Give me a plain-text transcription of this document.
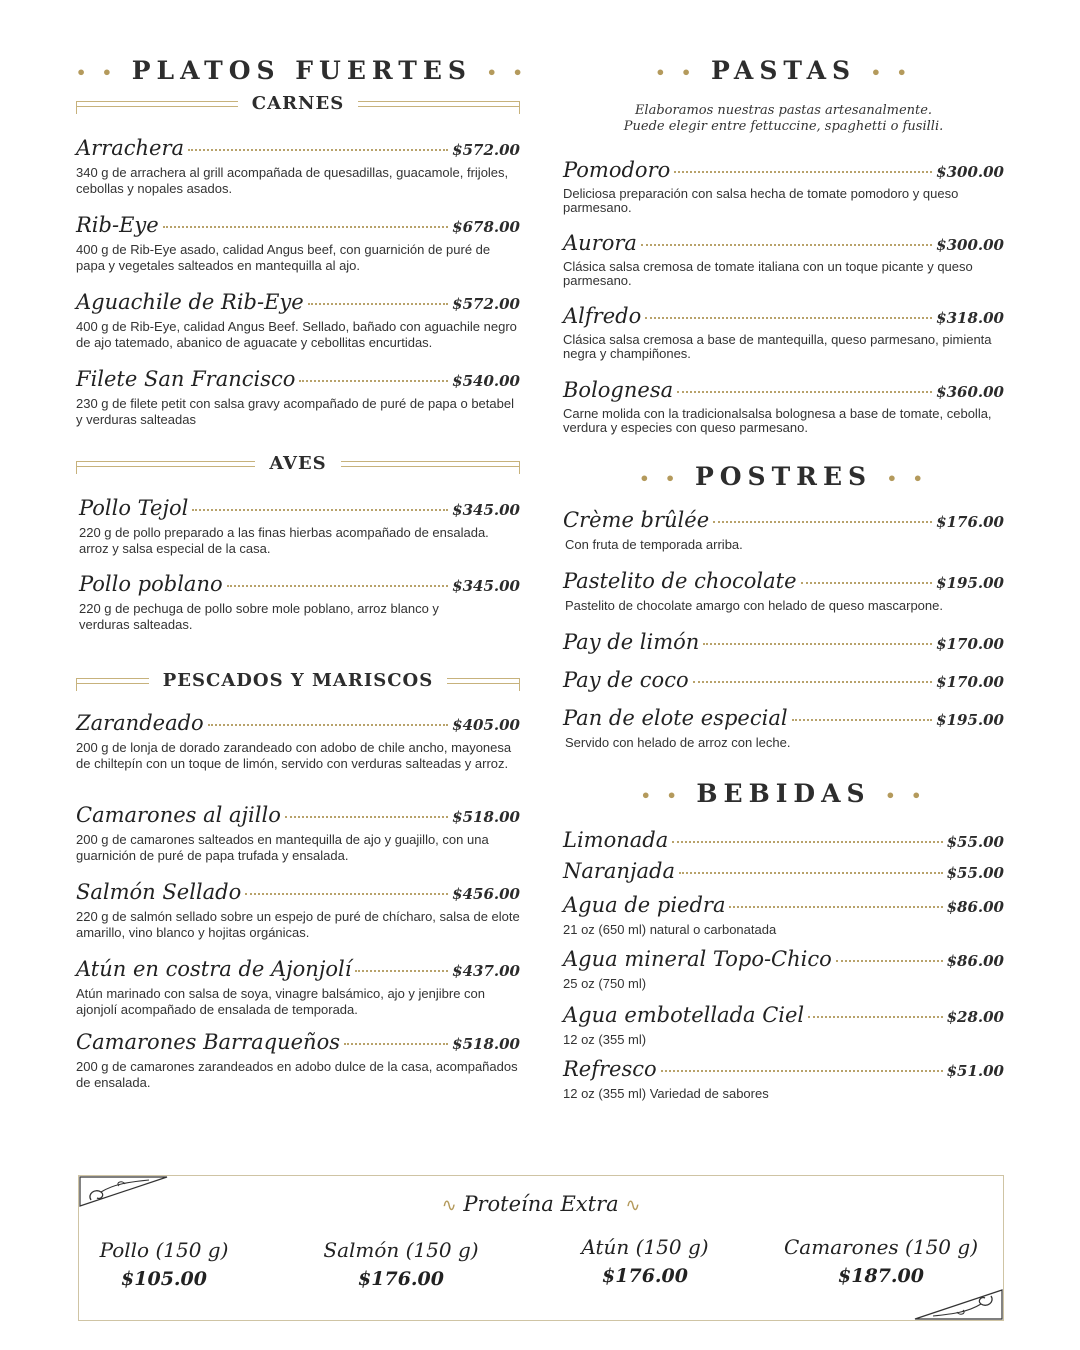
• • PLATOS FUERTES • •
CARNES
Arrachera	$572.00
340 g de arrachera al grill acompañada de quesadillas, guacamole, frijoles, cebollas y nopales asados.
Rib-Eye	$678.00
400 g de Rib-Eye asado, calidad Angus beef, con guarnición de puré de papa y vegetales salteados en mantequilla al ajo.
Aguachile de Rib-Eye	$572.00
400 g de Rib-Eye, calidad Angus Beef. Sellado, bañado con aguachile negro de ajo tatemado, abanico de aguacate y cebollitas encurtidas.
Filete San Francisco	$540.00
230 g de filete petit con salsa gravy acompañado de puré de papa o betabel y verduras salteadas
AVES
Pollo Tejol	$345.00
220 g de pollo preparado a las finas hierbas acompañado de ensalada. arroz y salsa especial de la casa.
Pollo poblano	$345.00
220 g de pechuga de pollo sobre mole poblano, arroz blanco y verduras salteadas.
PESCADOS Y MARISCOS
Zarandeado	$405.00
200 g de lonja de dorado zarandeado con adobo de chile ancho, mayonesa de chiltepín con un toque de limón, servido con verduras salteadas y arroz.
Camarones al ajillo	$518.00
200 g de camarones salteados en mantequilla de ajo y guajillo, con una guarnición de puré de papa trufada y ensalada.
Salmón Sellado	$456.00
220 g de salmón sellado sobre un espejo de puré de chícharo, salsa de elote amarillo, vino blanco y hojitas orgánicas.
Atún en costra de Ajonjolí	$437.00
Atún marinado con salsa de soya, vinagre balsámico, ajo y jenjibre con ajonjolí acompañado de ensalada de temporada.
Camarones Barraqueños	$518.00
200 g de camarones zarandeados en adobo dulce de la casa, acompañados de ensalada.
• • PASTAS • •
Elaboramos nuestras pastas artesanalmente.
Puede elegir entre fettuccine, spaghetti o fusilli.
Pomodoro	$300.00
Deliciosa preparación con salsa hecha de tomate pomodoro y queso parmesano.
Aurora	$300.00
Clásica salsa cremosa de tomate italiana con un toque picante y queso parmesano.
Alfredo	$318.00
Clásica salsa cremosa a base de mantequilla, queso parmesano, pimienta negra y champiñones.
Bolognesa	$360.00
Carne molida con la tradicionalsalsa bolognesa a base de tomate, cebolla, verdura y especies con queso parmesano.
• • POSTRES • •
Crème brûlée	$176.00
Con fruta de temporada arriba.
Pastelito de chocolate	$195.00
Pastelito de chocolate amargo con helado de queso mascarpone.
Pay de limón	$170.00
Pay de coco	$170.00
Pan de elote especial	$195.00
Servido con helado de arroz con leche.
• • BEBIDAS • •
Limonada	$55.00
Naranjada	$55.00
Agua de piedra	$86.00
21 oz (650 ml) natural o carbonatada
Agua mineral Topo-Chico	$86.00
25 oz (750 ml)
Agua embotellada Ciel	$28.00
12 oz (355 ml)
Refresco	$51.00
12 oz (355 ml) Variedad de sabores
∿ Proteína Extra ∿
Pollo (150 g)
$105.00
Salmón (150 g)
$176.00
Atún (150 g)
$176.00
Camarones (150 g)
$187.00
